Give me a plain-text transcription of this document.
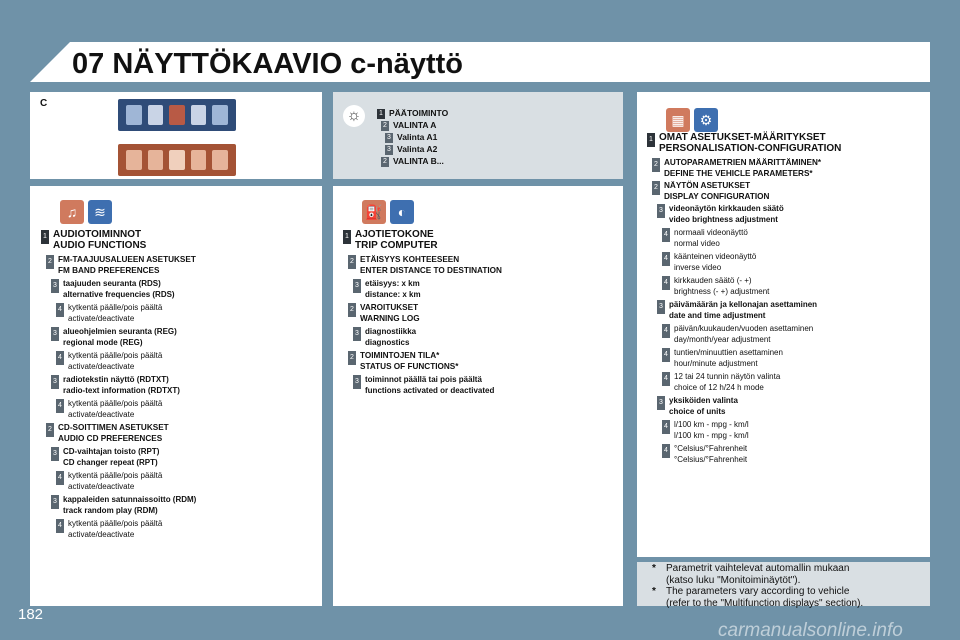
07 NÄYTTÖKAAVIO c-näyttö
C
☼	1 PÄÄTOIMINTO
2 VALINTA A
3 Valinta A1
3 Valinta A2
2 VALINTA B...
♫	≋
1 AUDIOTOIMINNOT
AUDIO FUNCTIONS
2 FM-TAAJUUSALUEEN ASETUKSET
FM BAND PREFERENCES
3 taajuuden seuranta (RDS)
alternative frequencies (RDS)
4 kytkentä päälle/pois päältä
activate/deactivate
3 alueohjelmien seuranta (REG)
regional mode (REG)
4 kytkentä päälle/pois päältä
activate/deactivate
3 radiotekstin näyttö (RDTXT)
radio-text information (RDTXT)
4 kytkentä päälle/pois päältä
activate/deactivate
2 CD-SOITTIMEN ASETUKSET
AUDIO CD PREFERENCES
3 CD-vaihtajan toisto (RPT)
CD changer repeat (RPT)
4 kytkentä päälle/pois päältä
activate/deactivate
3 kappaleiden satunnaissoitto (RDM)
track random play (RDM)
4 kytkentä päälle/pois päältä
activate/deactivate
⛽	◐
1 AJOTIETOKONE
TRIP COMPUTER
2 ETÄISYYS KOHTEESEEN
ENTER DISTANCE TO DESTINATION
3 etäisyys: x km
distance: x km
2 VAROITUKSET
WARNING LOG
3 diagnostiikka
diagnostics
2 TOIMINTOJEN TILA*
STATUS OF FUNCTIONS*
3 toiminnot päällä tai pois päältä
functions activated or deactivated
▦	⚙
1 OMAT ASETUKSET-MÄÄRITYKSET
PERSONALISATION-CONFIGURATION
2 AUTOPARAMETRIEN MÄÄRITTÄMINEN*
DEFINE THE VEHICLE PARAMETERS*
2 NÄYTÖN ASETUKSET
DISPLAY CONFIGURATION
3 videonäytön kirkkauden säätö
video brightness adjustment
4 normaali videonäyttö
normal video
4 käänteinen videonäyttö
inverse video
4 kirkkauden säätö (- +)
brightness (- +) adjustment
3 päivämäärän ja kellonajan asettaminen
date and time adjustment
4 päivän/kuukauden/vuoden asettaminen
day/month/year adjustment
4 tuntien/minuuttien asettaminen
hour/minute adjustment
4 12 tai 24 tunnin näytön valinta
choice of 12 h/24 h mode
3 yksiköiden valinta
choice of units
4 l/100 km - mpg - km/l
l/100 km - mpg - km/l
4 °Celsius/°Fahrenheit
°Celsius/°Fahrenheit
* Parametrit vaihtelevat automallin mukaan
(katso luku "Monitoiminäytöt").
* The parameters vary according to vehicle
(refer to the "Multifunction displays" section).
182
carmanualsonline.info
